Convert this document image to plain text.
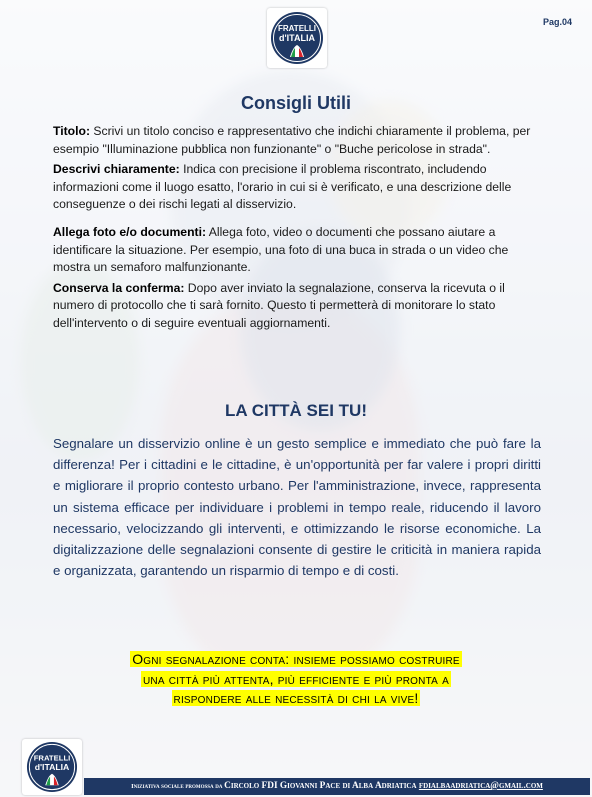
FRATELLI
d'ITALIA
Pag.04
Consigli Utili

Titolo: Scrivi un titolo conciso e rappresentativo che indichi chiaramente il problema, per esempio "Illuminazione pubblica non funzionante" o "Buche pericolose in strada".

Descrivi chiaramente: Indica con precisione il problema riscontrato, includendo informazioni come il luogo esatto, l'orario in cui si è verificato, e una descrizione delle conseguenze o dei rischi legati al disservizio.

Allega foto e/o documenti: Allega foto, video o documenti che possano aiutare a identificare la situazione. Per esempio, una foto di una buca in strada o un video che mostra un semaforo malfunzionante.

Conserva la conferma: Dopo aver inviato la segnalazione, conserva la ricevuta o il numero di protocollo che ti sarà fornito. Questo ti permetterà di monitorare lo stato dell'intervento o di seguire eventuali aggiornamenti.

LA CITTÀ SEI TU!
Segnalare un disservizio online è un gesto semplice e immediato che può fare la differenza! Per i cittadini e le cittadine, è un'opportunità per far valere i propri diritti e migliorare il proprio contesto urbano. Per l'amministrazione, invece, rappresenta un sistema efficace per individuare i problemi in tempo reale, riducendo il lavoro necessario, velocizzando gli interventi, e ottimizzando le risorse economiche. La digitalizzazione delle segnalazioni consente di gestire le criticità in maniera rapida e organizzata, garantendo un risparmio di tempo e di costi.
Ogni segnalazione conta: insieme possiamo costruire
una città più attenta, più efficiente e più pronta a
rispondere alle necessità di chi la vive!
FRATELLI
d'ITALIA
Iniziativa sociale promossa da Circolo FDI Giovanni Pace di Alba Adriatica fdialbaadriatica@gmail.com
